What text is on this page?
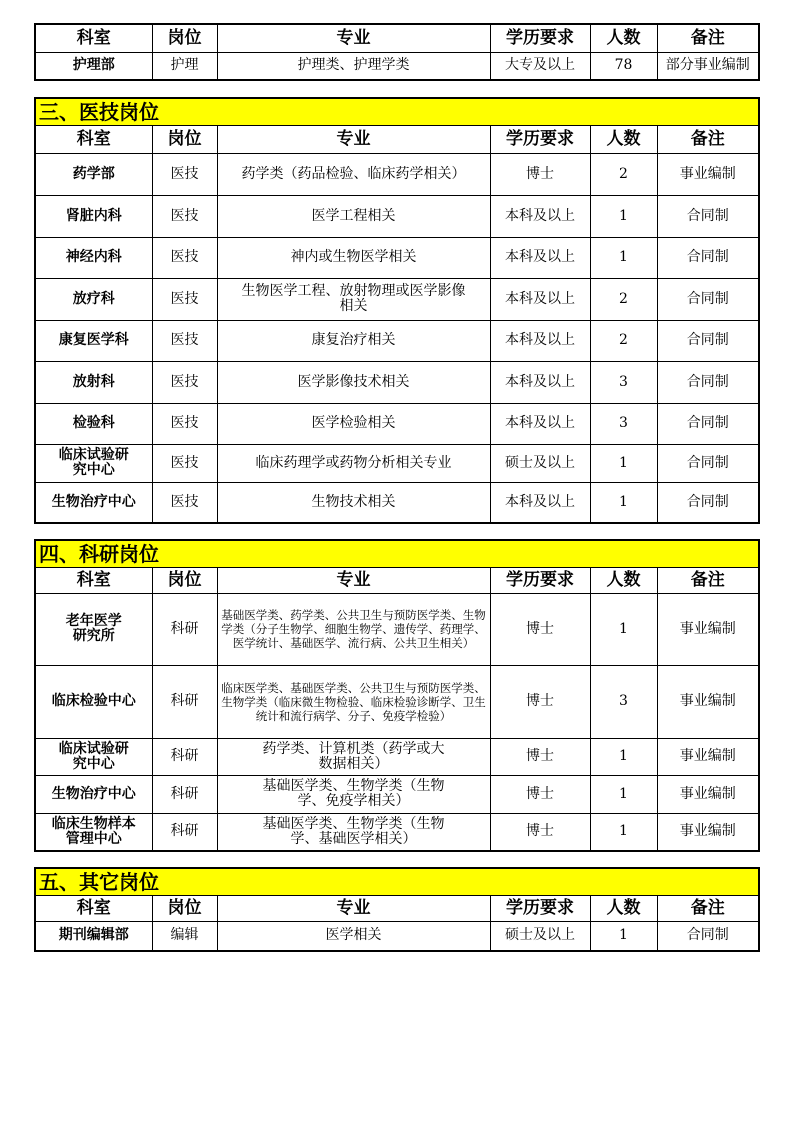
科室	岗位	专业	学历要求	人数	备注
护理部	护理	护理类、护理学类	大专及以上	78	部分事业编制
三、医技岗位					
科室	岗位	专业	学历要求	人数	备注
药学部	医技	药学类（药品检验、临床药学相关）	博士	2	事业编制
肾脏内科	医技	医学工程相关	本科及以上	1	合同制
神经内科	医技	神内或生物医学相关	本科及以上	1	合同制
放疗科	医技	生物医学工程、放射物理或医学影像相关	本科及以上	2	合同制
康复医学科	医技	康复治疗相关	本科及以上	2	合同制
放射科	医技	医学影像技术相关	本科及以上	3	合同制
检验科	医技	医学检验相关	本科及以上	3	合同制
临床试验研究中心	医技	临床药理学或药物分析相关专业	硕士及以上	1	合同制
生物治疗中心	医技	生物技术相关	本科及以上	1	合同制
四、科研岗位					
科室	岗位	专业	学历要求	人数	备注
老年医学研究所	科研	基础医学类、药学类、公共卫生与预防医学类、生物学类（分子生物学、细胞生物学、遗传学、药理学、医学统计、基础医学、流行病、公共卫生相关）	博士	1	事业编制
临床检验中心	科研	临床医学类、基础医学类、公共卫生与预防医学类、生物学类（临床微生物检验、临床检验诊断学、卫生统计和流行病学、分子、免疫学检验）	博士	3	事业编制
临床试验研究中心	科研	药学类、计算机类（药学或大数据相关）	博士	1	事业编制
生物治疗中心	科研	基础医学类、生物学类（生物学、免疫学相关）	博士	1	事业编制
临床生物样本管理中心	科研	基础医学类、生物学类（生物学、基础医学相关）	博士	1	事业编制
五、其它岗位					
科室	岗位	专业	学历要求	人数	备注
期刊编辑部	编辑	医学相关	硕士及以上	1	合同制
